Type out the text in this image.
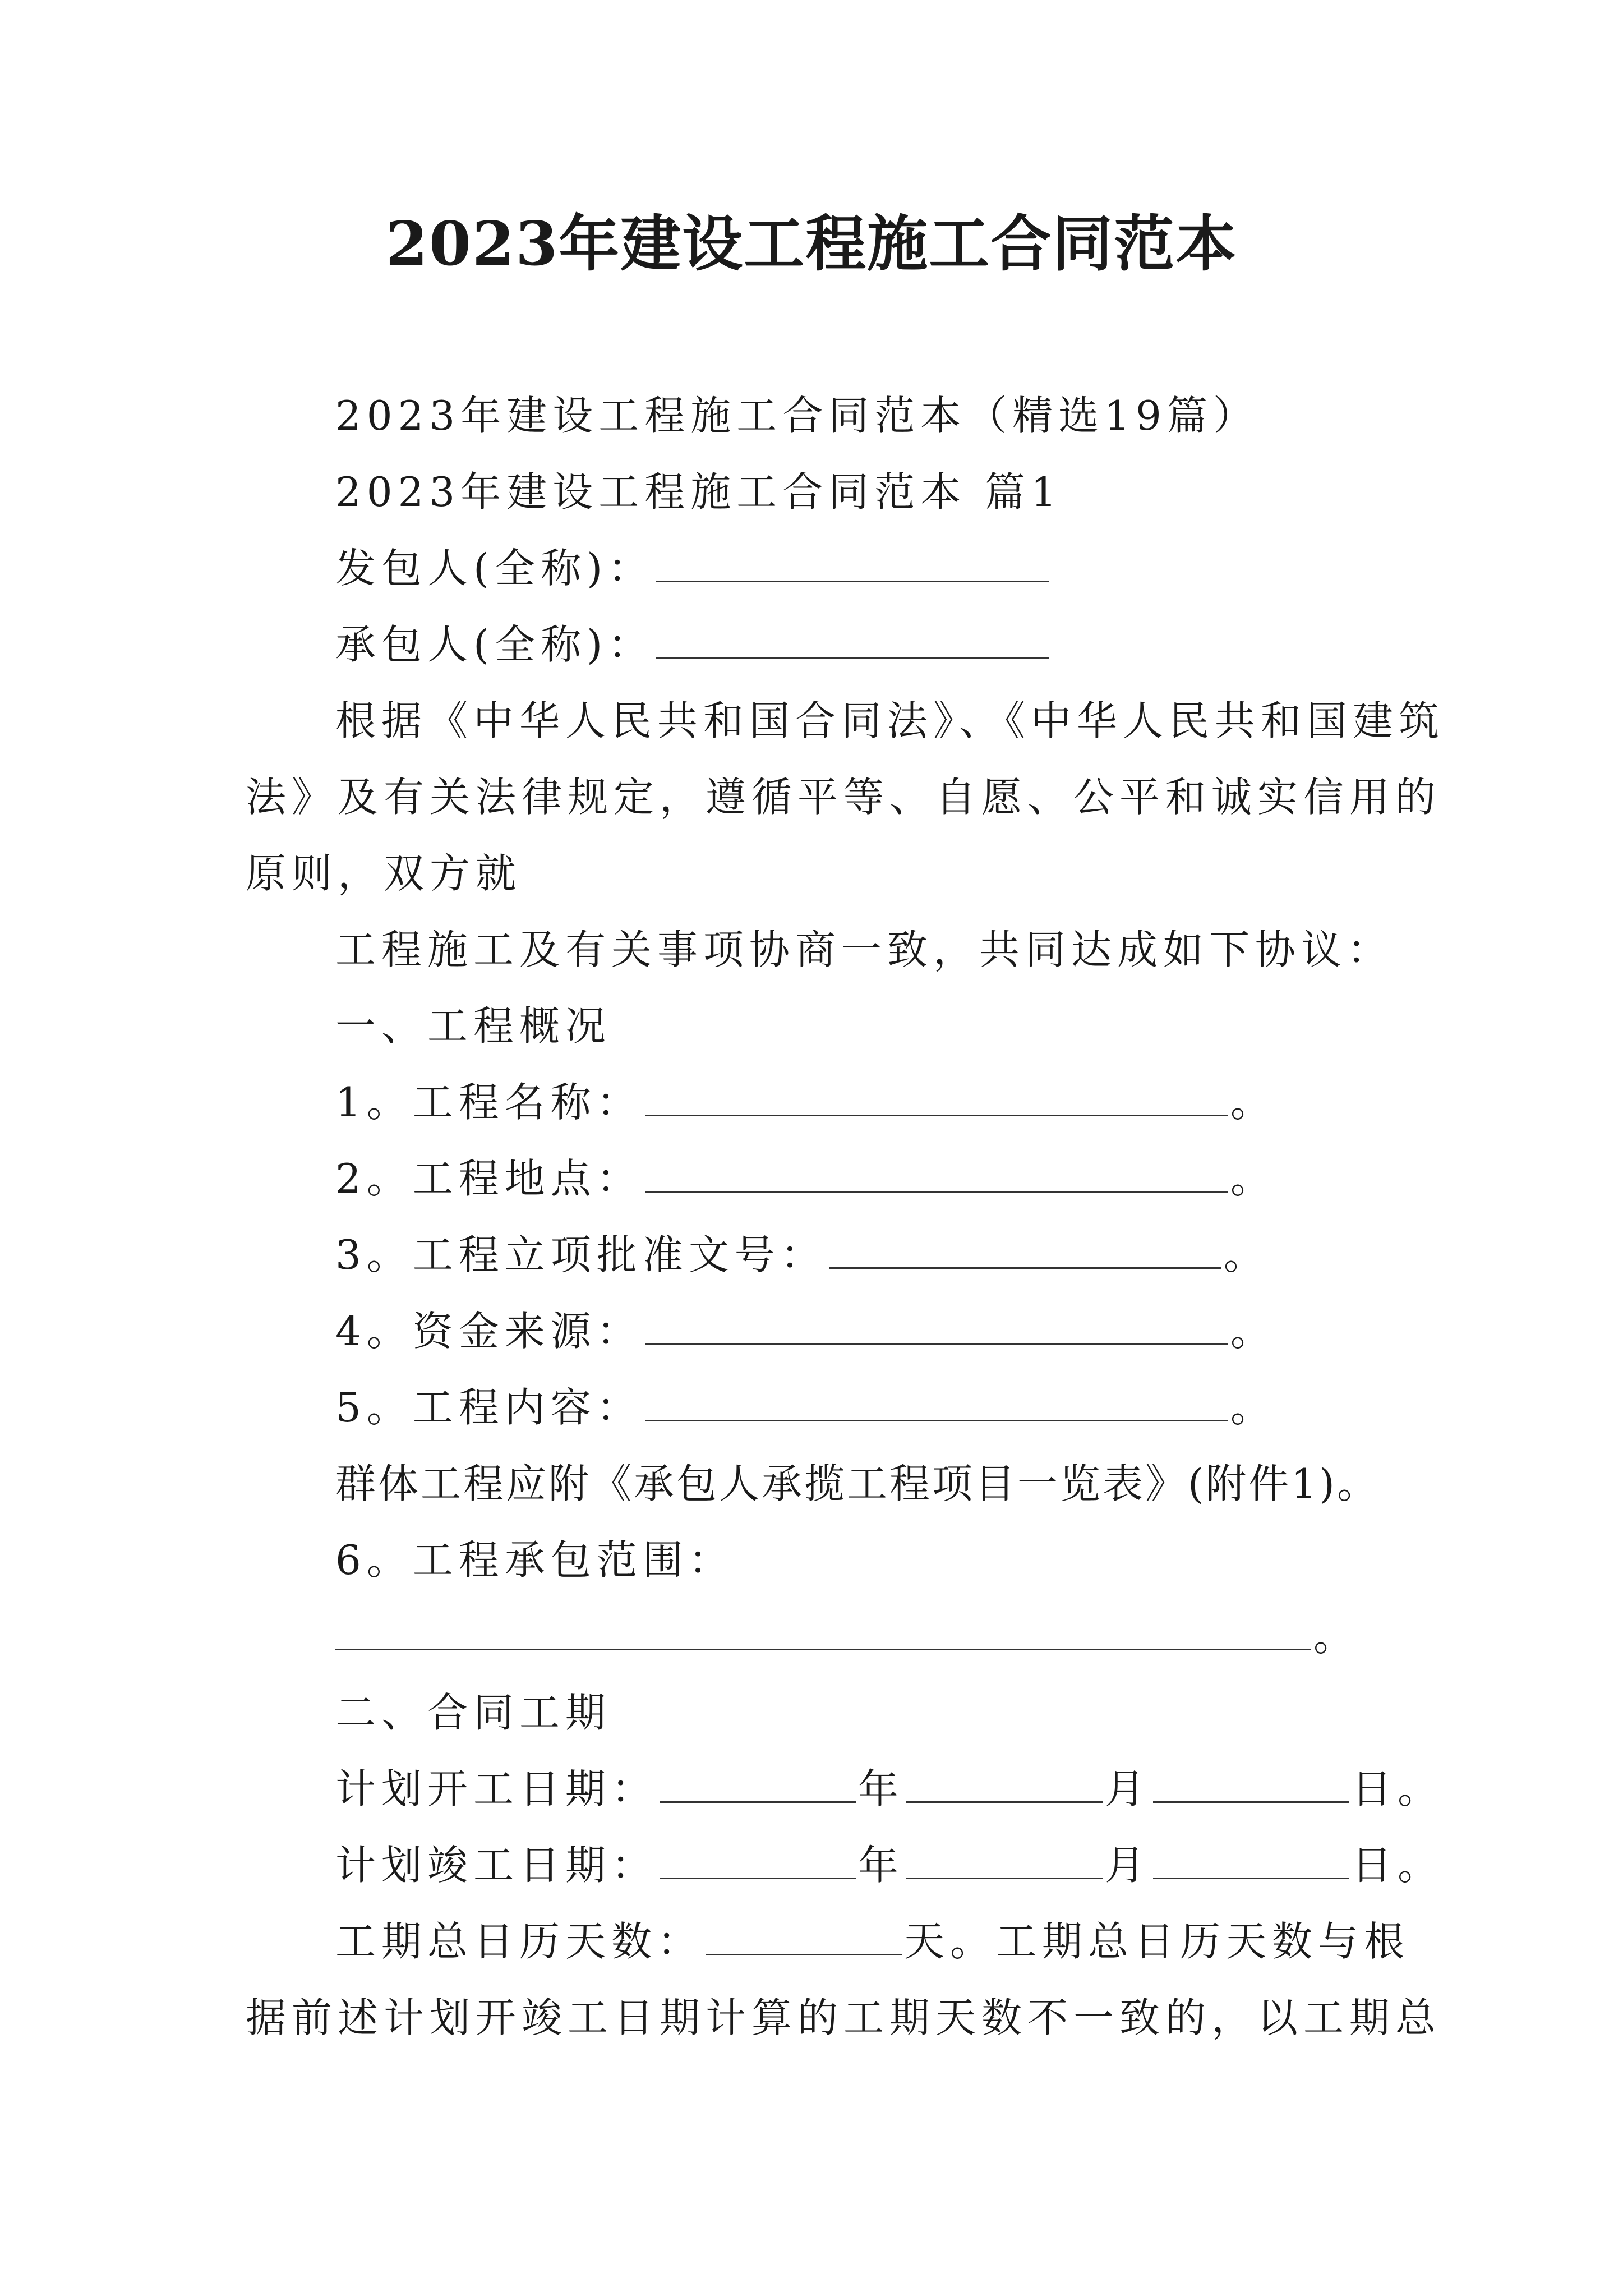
2023年建设工程施工合同范本
2023年建设工程施工合同范本（精选19篇）
2023年建设工程施工合同范本 篇1
发包人(全称)：
承包人(全称)：
根据《中华人民共和国合同法》、《中华人民共和国建筑
法》及有关法律规定，遵循平等、自愿、公平和诚实信用的
原则，双方就
工程施工及有关事项协商一致，共同达成如下协议：
一、工程概况
1。工程名称：	。
2。工程地点：	。
3。工程立项批准文号：	。
4。资金来源：	。
5。工程内容：	。
群体工程应附《承包人承揽工程项目一览表》(附件1)。
6。工程承包范围：
。
二、合同工期
计划开工日期：	年	月	日。
计划竣工日期：	年	月	日。
工期总日历天数：	天。工期总日历天数与根
据前述计划开竣工日期计算的工期天数不一致的，以工期总
